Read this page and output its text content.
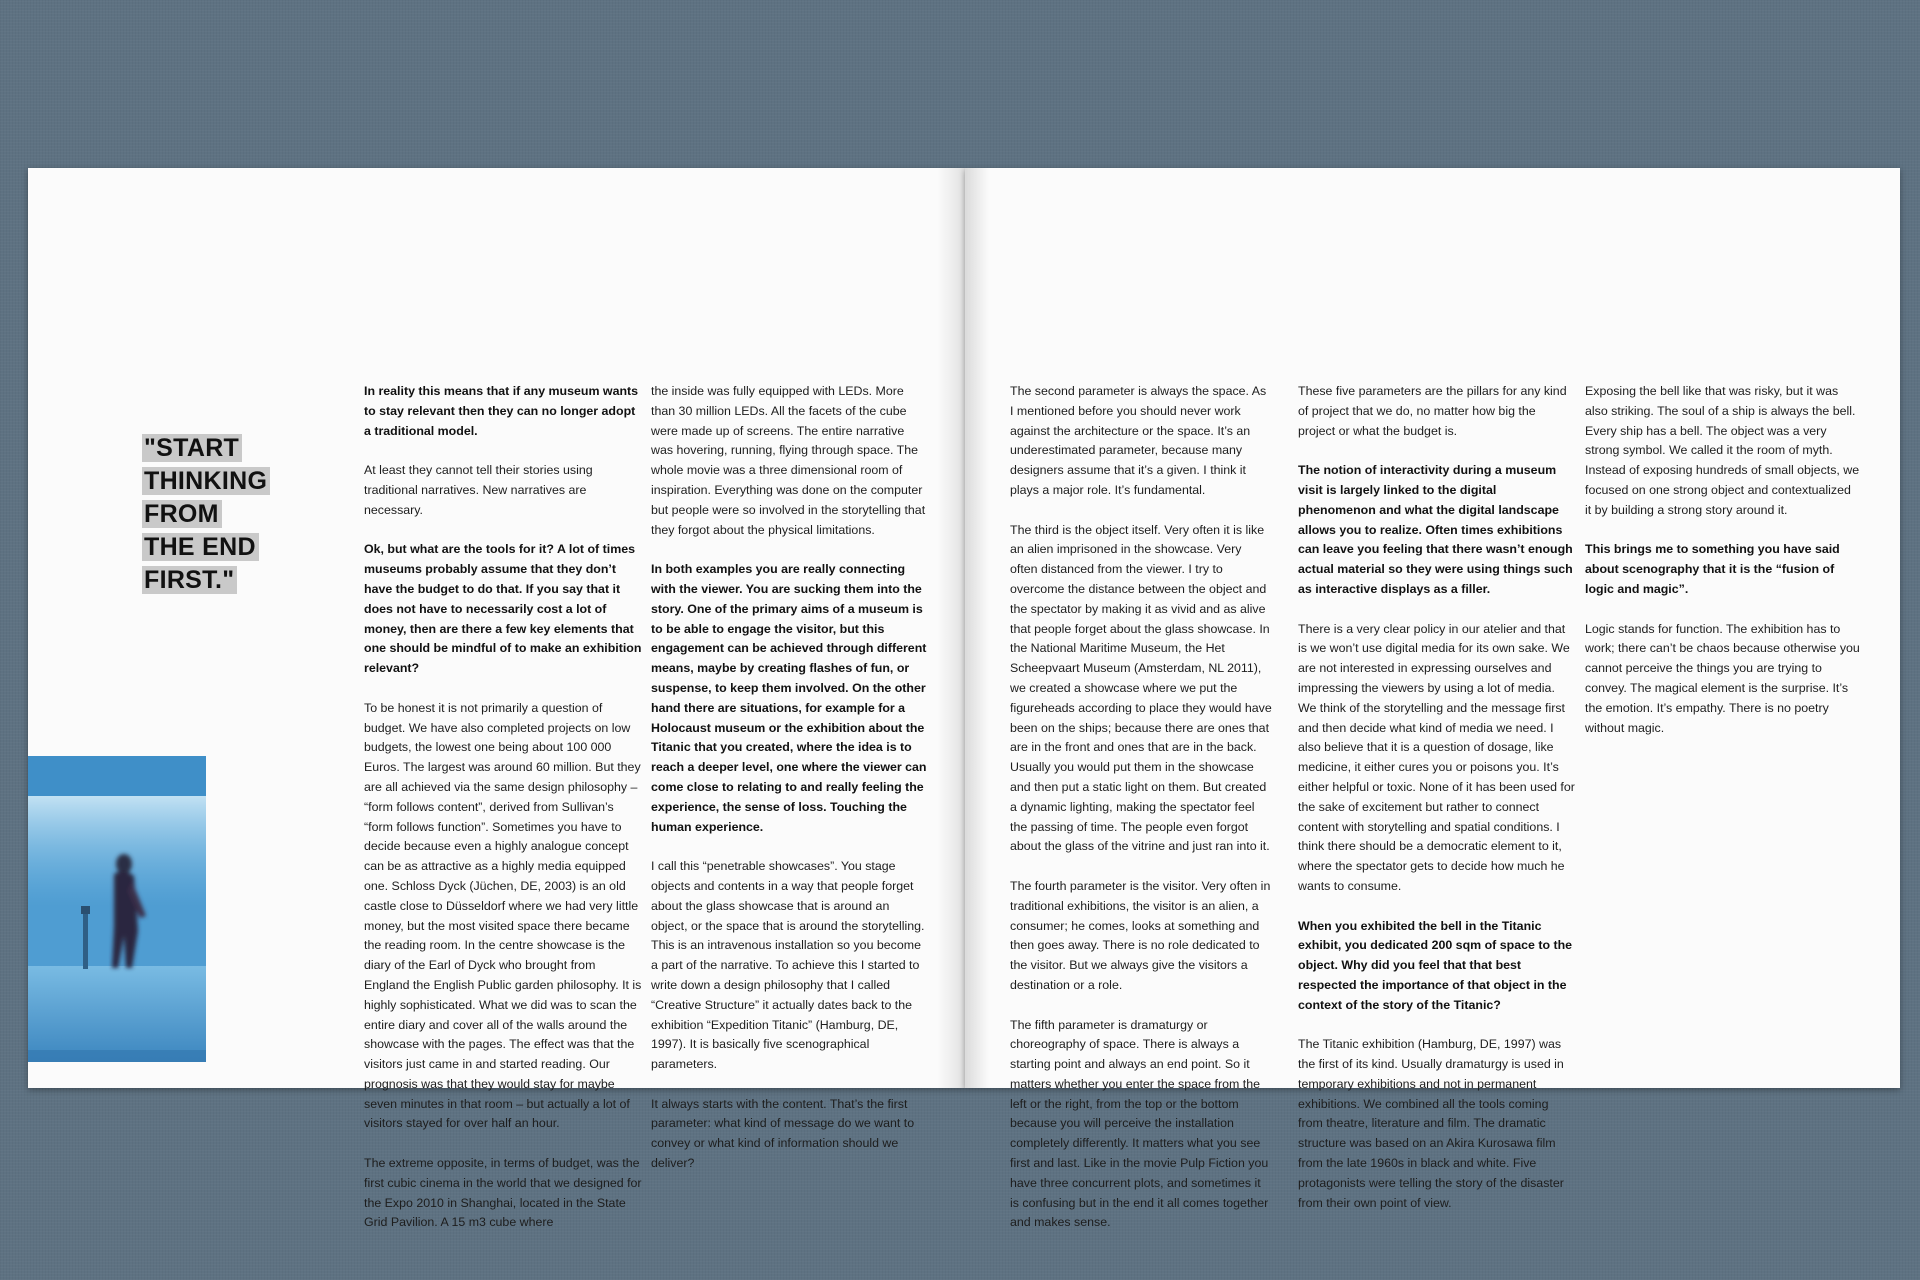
"START
THINKING
FROM
THE END
FIRST."

In reality this means that if any museum wants to stay relevant then they can no longer adopt a traditional model.

At least they cannot tell their stories using traditional narratives. New narratives are necessary.

Ok, but what are the tools for it? A lot of times museums probably assume that they don’t have the budget to do that. If you say that it does not have to necessarily cost a lot of money, then are there a few key elements that one should be mindful of to make an exhibition relevant?

To be honest it is not primarily a question of budget. We have also completed projects on low budgets, the lowest one being about 100 000 Euros. The largest was around 60 million. But they are all achieved via the same design philosophy – “form follows content”, derived from Sullivan’s “form follows function”. Sometimes you have to decide because even a highly analogue concept can be as attractive as a highly media equipped one. Schloss Dyck (Jüchen, DE, 2003) is an old castle close to Düsseldorf where we had very little money, but the most visited space there became the reading room. In the centre showcase is the diary of the Earl of Dyck who brought from England the English Public garden philosophy. It is highly sophisticated. What we did was to scan the entire diary and cover all of the walls around the showcase with the pages. The effect was that the visitors just came in and started reading. Our prognosis was that they would stay for maybe seven minutes in that room – but actually a lot of visitors stayed for over half an hour.

The extreme opposite, in terms of budget, was the first cubic cinema in the world that we designed for the Expo 2010 in Shanghai, located in the State Grid Pavilion. A 15 m3 cube where

the inside was fully equipped with LEDs. More than 30 million LEDs. All the facets of the cube were made up of screens. The entire narrative was hovering, running, flying through space. The whole movie was a three dimensional room of inspiration. Everything was done on the computer but people were so involved in the storytelling that they forgot about the physical limitations.

In both examples you are really connecting with the viewer. You are sucking them into the story. One of the primary aims of a museum is to be able to engage the visitor, but this engagement can be achieved through different means, maybe by creating flashes of fun, or suspense, to keep them involved. On the other hand there are situations, for example for a Holocaust museum or the exhibition about the Titanic that you created, where the idea is to reach a deeper level, one where the viewer can come close to relating to and really feeling the experience, the sense of loss. Touching the human experience.

I call this “penetrable showcases”. You stage objects and contents in a way that people forget about the glass showcase that is around an object, or the space that is around the storytelling. This is an intravenous installation so you become a part of the narrative. To achieve this I started to write down a design philosophy that I called “Creative Structure” it actually dates back to the exhibition “Expedition Titanic” (Hamburg, DE, 1997). It is basically five scenographical parameters.

It always starts with the content. That’s the first parameter: what kind of message do we want to convey or what kind of information should we deliver?

The second parameter is always the space. As I mentioned before you should never work against the architecture or the space. It’s an underestimated parameter, because many designers assume that it’s a given. I think it plays a major role. It’s fundamental.

The third is the object itself. Very often it is like an alien imprisoned in the showcase. Very often distanced from the viewer. I try to overcome the distance between the object and the spectator by making it as vivid and as alive that people forget about the glass showcase. In the National Maritime Museum, the Het Scheepvaart Museum (Amsterdam, NL 2011), we created a showcase where we put the figureheads according to place they would have been on the ships; because there are ones that are in the front and ones that are in the back. Usually you would put them in the showcase and then put a static light on them. But created a dynamic lighting, making the spectator feel the passing of time. The people even forgot about the glass of the vitrine and just ran into it.

The fourth parameter is the visitor. Very often in traditional exhibitions, the visitor is an alien, a consumer; he comes, looks at something and then goes away. There is no role dedicated to the visitor. But we always give the visitors a destination or a role.

The fifth parameter is dramaturgy or choreography of space. There is always a starting point and always an end point. So it matters whether you enter the space from the left or the right, from the top or the bottom because you will perceive the installation completely differently. It matters what you see first and last. Like in the movie Pulp Fiction you have three concurrent plots, and sometimes it is confusing but in the end it all comes together and makes sense.

These five parameters are the pillars for any kind of project that we do, no matter how big the project or what the budget is.

The notion of interactivity during a museum visit is largely linked to the digital phenomenon and what the digital landscape allows you to realize. Often times exhibitions can leave you feeling that there wasn’t enough actual material so they were using things such as interactive displays as a filler.

There is a very clear policy in our atelier and that is we won’t use digital media for its own sake. We are not interested in expressing ourselves and impressing the viewers by using a lot of media. We think of the storytelling and the message first and then decide what kind of media we need. I also believe that it is a question of dosage, like medicine, it either cures you or poisons you. It’s either helpful or toxic. None of it has been used for the sake of excitement but rather to connect content with storytelling and spatial conditions. I think there should be a democratic element to it, where the spectator gets to decide how much he wants to consume.

When you exhibited the bell in the Titanic exhibit, you dedicated 200 sqm of space to the object. Why did you feel that that best respected the importance of that object in the context of the story of the Titanic?

The Titanic exhibition (Hamburg, DE, 1997) was the first of its kind. Usually dramaturgy is used in temporary exhibitions and not in permanent exhibitions. We combined all the tools coming from theatre, literature and film. The dramatic structure was based on an Akira Kurosawa film from the late 1960s in black and white. Five protagonists were telling the story of the disaster from their own point of view.

Exposing the bell like that was risky, but it was also striking. The soul of a ship is always the bell. Every ship has a bell. The object was a very strong symbol. We called it the room of myth. Instead of exposing hundreds of small objects, we focused on one strong object and contextualized it by building a strong story around it.

This brings me to something you have said about scenography that it is the “fusion of logic and magic”.

Logic stands for function. The exhibition has to work; there can’t be chaos because otherwise you cannot perceive the things you are trying to convey. The magical element is the surprise. It’s the emotion. It’s empathy. There is no poetry without magic.
